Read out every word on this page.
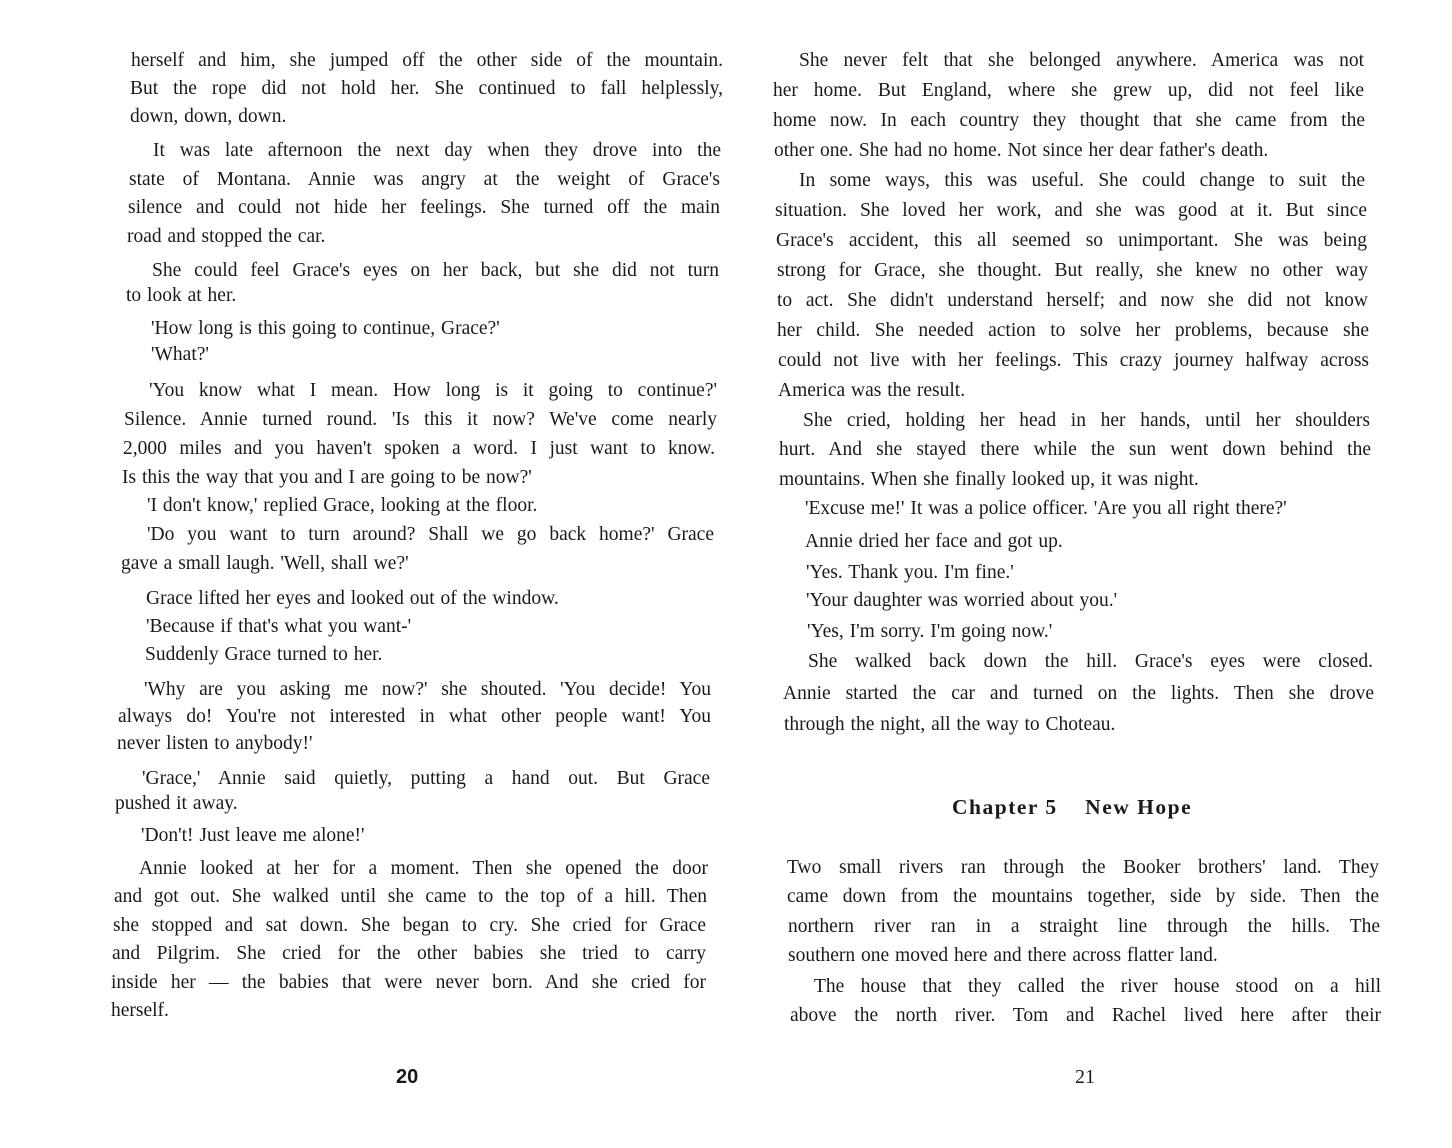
herself and him, she jumped off the other side of the mountain.
But the rope did not hold her. She continued to fall helplessly,
down, down, down.
It was late afternoon the next day when they drove into the
state of Montana. Annie was angry at the weight of Grace's
silence and could not hide her feelings. She turned off the main
road and stopped the car.
She could feel Grace's eyes on her back, but she did not turn
to look at her.
'How long is this going to continue, Grace?'
'What?'
'You know what I mean. How long is it going to continue?'
Silence. Annie turned round. 'Is this it now? We've come nearly
2,000 miles and you haven't spoken a word. I just want to know.
Is this the way that you and I are going to be now?'
'I don't know,' replied Grace, looking at the floor.
'Do you want to turn around? Shall we go back home?' Grace
gave a small laugh. 'Well, shall we?'
Grace lifted her eyes and looked out of the window.
'Because if that's what you want-'
Suddenly Grace turned to her.
'Why are you asking me now?' she shouted. 'You decide! You
always do! You're not interested in what other people want! You
never listen to anybody!'
'Grace,' Annie said quietly, putting a hand out. But Grace
pushed it away.
'Don't! Just leave me alone!'
Annie looked at her for a moment. Then she opened the door
and got out. She walked until she came to the top of a hill. Then
she stopped and sat down. She began to cry. She cried for Grace
and Pilgrim. She cried for the other babies she tried to carry
inside her — the babies that were never born. And she cried for
herself.
20
She never felt that she belonged anywhere. America was not
her home. But England, where she grew up, did not feel like
home now. In each country they thought that she came from the
other one. She had no home. Not since her dear father's death.
In some ways, this was useful. She could change to suit the
situation. She loved her work, and she was good at it. But since
Grace's accident, this all seemed so unimportant. She was being
strong for Grace, she thought. But really, she knew no other way
to act. She didn't understand herself; and now she did not know
her child. She needed action to solve her problems, because she
could not live with her feelings. This crazy journey halfway across
America was the result.
She cried, holding her head in her hands, until her shoulders
hurt. And she stayed there while the sun went down behind the
mountains. When she finally looked up, it was night.
'Excuse me!' It was a police officer. 'Are you all right there?'
Annie dried her face and got up.
'Yes. Thank you. I'm fine.'
'Your daughter was worried about you.'
'Yes, I'm sorry. I'm going now.'
She walked back down the hill. Grace's eyes were closed.
Annie started the car and turned on the lights. Then she drove
through the night, all the way to Choteau.
Two small rivers ran through the Booker brothers' land. They
came down from the mountains together, side by side. Then the
northern river ran in a straight line through the hills. The
southern one moved here and there across flatter land.
The house that they called the river house stood on a hill
above the north river. Tom and Rachel lived here after their
Chapter 5    New Hope
21
